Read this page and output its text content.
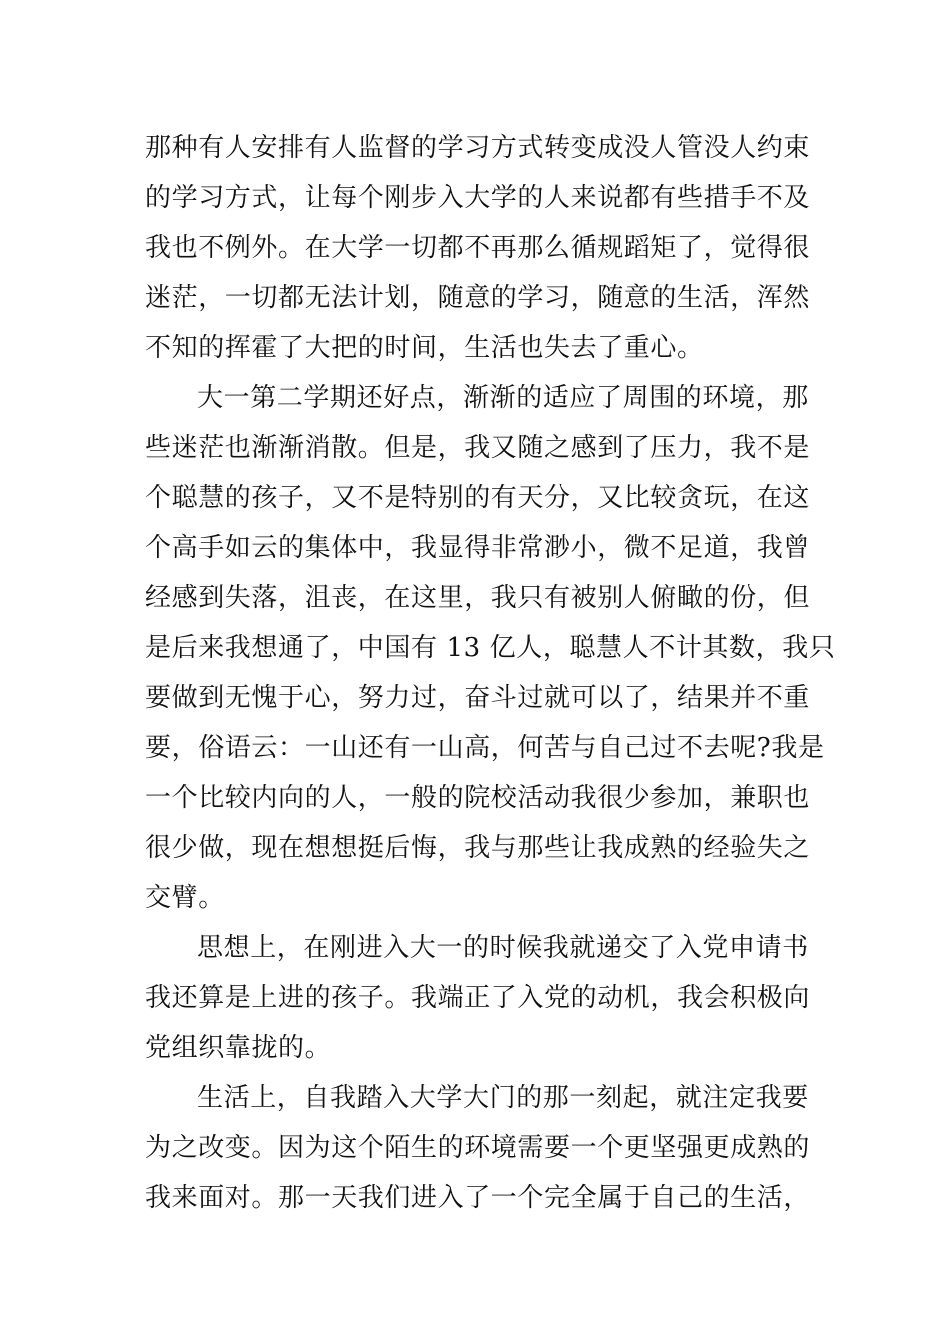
那种有人安排有人监督的学习方式转变成没人管没人约束
的学习方式，让每个刚步入大学的人来说都有些措手不及
我也不例外。在大学一切都不再那么循规蹈矩了，觉得很
迷茫，一切都无法计划，随意的学习，随意的生活，浑然
不知的挥霍了大把的时间，生活也失去了重心。
大一第二学期还好点，渐渐的适应了周围的环境，那
些迷茫也渐渐消散。但是，我又随之感到了压力，我不是
个聪慧的孩子，又不是特别的有天分，又比较贪玩，在这
个高手如云的集体中，我显得非常渺小，微不足道，我曾
经感到失落，沮丧，在这里，我只有被别人俯瞰的份，但
是后来我想通了，中国有 13 亿人，聪慧人不计其数，我只
要做到无愧于心，努力过，奋斗过就可以了，结果并不重
要，俗语云：一山还有一山高，何苦与自己过不去呢?我是
一个比较内向的人，一般的院校活动我很少参加，兼职也
很少做，现在想想挺后悔，我与那些让我成熟的经验失之
交臂。
思想上，在刚进入大一的时候我就递交了入党申请书
我还算是上进的孩子。我端正了入党的动机，我会积极向
党组织靠拢的。
生活上，自我踏入大学大门的那一刻起，就注定我要
为之改变。因为这个陌生的环境需要一个更坚强更成熟的
我来面对。那一天我们进入了一个完全属于自己的生活，
